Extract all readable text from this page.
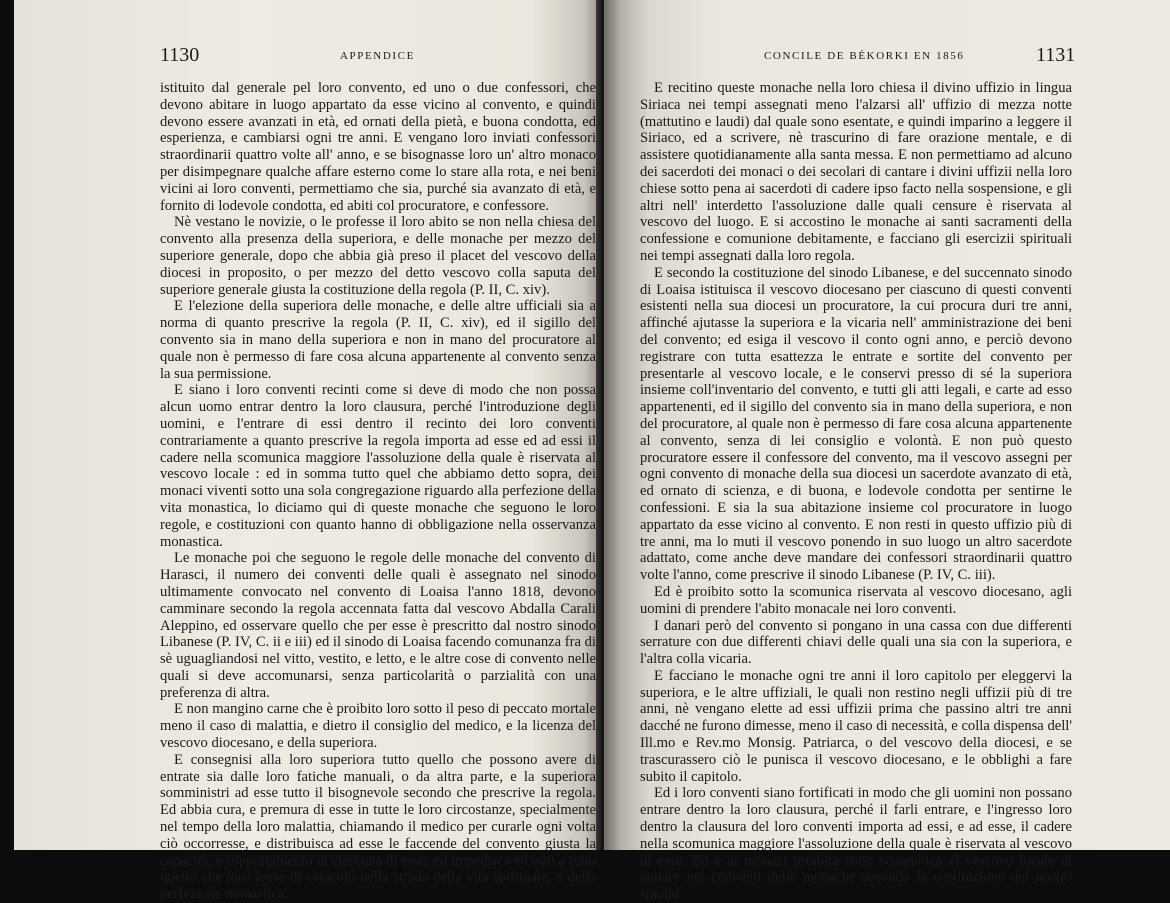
1130	APPENDICE

istituito dal generale pel loro convento, ed uno o due confessori, che devono abitare in luogo appartato da esse vicino al convento, e quindi devono essere avanzati in età, ed ornati della pietà, e buona condotta, ed esperienza, e cambiarsi ogni tre anni. E vengano loro inviati confessori straordinarii quattro volte all' anno, e se bisognasse loro un' altro monaco per disimpegnare qualche affare esterno come lo stare alla rota, e nei beni vicini ai loro conventi, permettiamo che sia, purché sia avanzato di età, e fornito di lodevole condotta, ed abiti col procuratore, e confessore.

Nè vestano le novizie, o le professe il loro abito se non nella chiesa del convento alla presenza della superiora, e delle monache per mezzo del superiore generale, dopo che abbia già preso il placet del vescovo della diocesi in proposito, o per mezzo del detto vescovo colla saputa del superiore generale giusta la costituzione della regola (P. II, C. xiv).

E l'elezione della superiora delle monache, e delle altre ufficiali sia a norma di quanto prescrive la regola (P. II, C. xiv), ed il sigillo del convento sia in mano della superiora e non in mano del procuratore al quale non è permesso di fare cosa alcuna appartenente al convento senza la sua permissione.

E siano i loro conventi recinti come si deve di modo che non possa alcun uomo entrar dentro la loro clausura, perché l'introduzione degli uomini, e l'entrare di essi dentro il recinto dei loro conventi contrariamente a quanto prescrive la regola importa ad esse ed ad essi il cadere nella scomunica maggiore l'assoluzione della quale è riservata al vescovo locale : ed in somma tutto quel che abbiamo detto sopra, dei monaci viventi sotto una sola congregazione riguardo alla perfezione della vita monastica, lo diciamo qui di queste monache che seguono le loro regole, e costituzioni con quanto hanno di obbligazione nella osservanza monastica.

Le monache poi che seguono le regole delle monache del convento di Harasci, il numero dei conventi delle quali è assegnato nel sinodo ultimamente convocato nel convento di Loaisa l'anno 1818, devono camminare secondo la regola accennata fatta dal vescovo Abdalla Carali Aleppino, ed osservare quello che per esse è prescritto dal nostro sinodo Libanese (P. IV, C. ii e iii) ed il sinodo di Loaisa facendo comunanza fra di sè uguagliandosi nel vitto, vestito, e letto, e le altre cose di convento nelle quali si deve accomunarsi, senza particolarità o parzialità con una preferenza di altra.

E non mangino carne che è proibito loro sotto il peso di peccato mortale meno il caso di malattia, e dietro il consiglio del medico, e la licenza del vescovo diocesano, e della superiora.

E consegnisi alla loro superiora tutto quello che possono avere di entrate sia dalle loro fatiche manuali, o da altra parte, e la superiora somministri ad esse tutto il bisognevole secondo che prescrive la regola. Ed abbia cura, e premura di esse in tutte le loro circostanze, specialmente nel tempo della loro malattia, chiamando il medico per curarle ogni volta ciò occorresse, e distribuisca ad esse le faccende del convento giusta la capacità, e sopportamento di ciascuna di esse, ed impedisca ed ovii a tutto quello che loro fosse di ostacolo nella strada della vita spirituale, e della perfezione monastica.

CONCILE DE BÉKORKI EN 1856	1131

E recitino queste monache nella loro chiesa il divino uffizio in lingua Siriaca nei tempi assegnati meno l'alzarsi all' uffizio di mezza notte (mattutino e laudi) dal quale sono esentate, e quindi imparino a leggere il Siriaco, ed a scrivere, nè trascurino di fare orazione mentale, e di assistere quotidianamente alla santa messa. E non permettiamo ad alcuno dei sacerdoti dei monaci o dei secolari di cantare i divini uffizii nella loro chiese sotto pena ai sacerdoti di cadere ipso facto nella sospensione, e gli altri nell' interdetto l'assoluzione dalle quali censure è riservata al vescovo del luogo. E si accostino le monache ai santi sacramenti della confessione e comunione debitamente, e facciano gli esercizii spirituali nei tempi assegnati dalla loro regola.

E secondo la costituzione del sinodo Libanese, e del succennato sinodo di Loaisa istituisca il vescovo diocesano per ciascuno di questi conventi esistenti nella sua diocesi un procuratore, la cui procura duri tre anni, affinché ajutasse la superiora e la vicaria nell' amministrazione dei beni del convento; ed esiga il vescovo il conto ogni anno, e perciò devono registrare con tutta esattezza le entrate e sortite del convento per presentarle al vescovo locale, e le conservi presso di sé la superiora insieme coll'inventario del convento, e tutti gli atti legali, e carte ad esso appartenenti, ed il sigillo del convento sia in mano della superiora, e non del procuratore, al quale non è permesso di fare cosa alcuna appartenente al convento, senza di lei consiglio e volontà. E non può questo procuratore essere il confessore del convento, ma il vescovo assegni per ogni convento di monache della sua diocesi un sacerdote avanzato di età, ed ornato di scienza, e di buona, e lodevole condotta per sentirne le confessioni. E sia la sua abitazione insieme col procuratore in luogo appartato da esse vicino al convento. E non resti in questo uffizio più di tre anni, ma lo muti il vescovo ponendo in suo luogo un altro sacerdote adattato, come anche deve mandare dei confessori straordinarii quattro volte l'anno, come prescrive il sinodo Libanese (P. IV, C. iii).

Ed è proibito sotto la scomunica riservata al vescovo diocesano, agli uomini di prendere l'abito monacale nei loro conventi.

I danari però del convento si pongano in una cassa con due differenti serrature con due differenti chiavi delle quali una sia con la superiora, e l'altra colla vicaria.

E facciano le monache ogni tre anni il loro capitolo per eleggervi la superiora, e le altre uffiziali, le quali non restino negli uffizii più di tre anni, nè vengano elette ad essi uffizii prima che passino altri tre anni dacché ne furono dimesse, meno il caso di necessità, e colla dispensa dell' Ill.mo e Rev.mo Monsig. Patriarca, o del vescovo della diocesi, e se trascurassero ciò le punisca il vescovo diocesano, e le obblighi a fare subito il capitolo.

Ed i loro conventi siano fortificati in modo che gli uomini non possano entrare dentro la loro clausura, perché il farli entrare, e l'ingresso loro dentro la clausura del loro conventi importa ad essi, e ad esse, il cadere nella scomunica maggiore l'assoluzione della quale è riservata al vescovo di esse. Ed è ai monaci proibita sotto scomunica al vescovo locale di abitare nei conventi delle monache secondo la costituzione del nostro sinodo
